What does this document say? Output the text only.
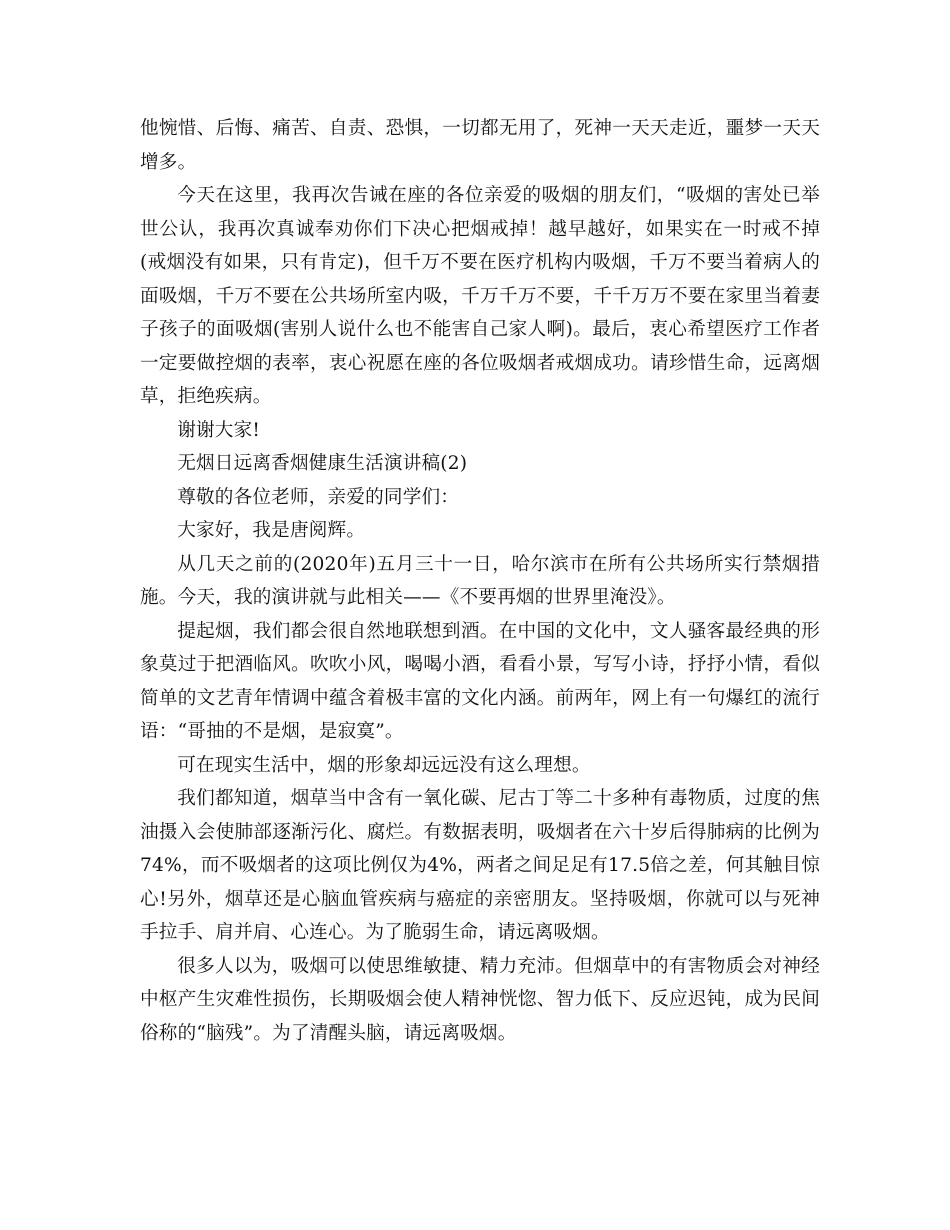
他惋惜、后悔、痛苦、自责、恐惧，一切都无用了，死神一天天走近，噩梦一天天增多。

今天在这里，我再次告诫在座的各位亲爱的吸烟的朋友们，“吸烟的害处已举世公认，我再次真诚奉劝你们下决心把烟戒掉！越早越好，如果实在一时戒不掉(戒烟没有如果，只有肯定)，但千万不要在医疗机构内吸烟，千万不要当着病人的面吸烟，千万不要在公共场所室内吸，千万千万不要，千千万万不要在家里当着妻子孩子的面吸烟(害别人说什么也不能害自己家人啊)。最后，衷心希望医疗工作者一定要做控烟的表率，衷心祝愿在座的各位吸烟者戒烟成功。请珍惜生命，远离烟草，拒绝疾病。

谢谢大家!

无烟日远离香烟健康生活演讲稿(2)

尊敬的各位老师，亲爱的同学们：

大家好，我是唐阅辉。

从几天之前的(2020年)五月三十一日，哈尔滨市在所有公共场所实行禁烟措施。今天，我的演讲就与此相关——《不要再烟的世界里淹没》。

提起烟，我们都会很自然地联想到酒。在中国的文化中，文人骚客最经典的形象莫过于把酒临风。吹吹小风，喝喝小酒，看看小景，写写小诗，抒抒小情，看似简单的文艺青年情调中蕴含着极丰富的文化内涵。前两年，网上有一句爆红的流行语：“哥抽的不是烟，是寂寞”。

可在现实生活中，烟的形象却远远没有这么理想。

我们都知道，烟草当中含有一氧化碳、尼古丁等二十多种有毒物质，过度的焦油摄入会使肺部逐渐污化、腐烂。有数据表明，吸烟者在六十岁后得肺病的比例为74%，而不吸烟者的这项比例仅为4%，两者之间足足有17.5倍之差，何其触目惊心!另外，烟草还是心脑血管疾病与癌症的亲密朋友。坚持吸烟，你就可以与死神手拉手、肩并肩、心连心。为了脆弱生命，请远离吸烟。

很多人以为，吸烟可以使思维敏捷、精力充沛。但烟草中的有害物质会对神经中枢产生灾难性损伤，长期吸烟会使人精神恍惚、智力低下、反应迟钝，成为民间俗称的“脑残”。为了清醒头脑，请远离吸烟。
